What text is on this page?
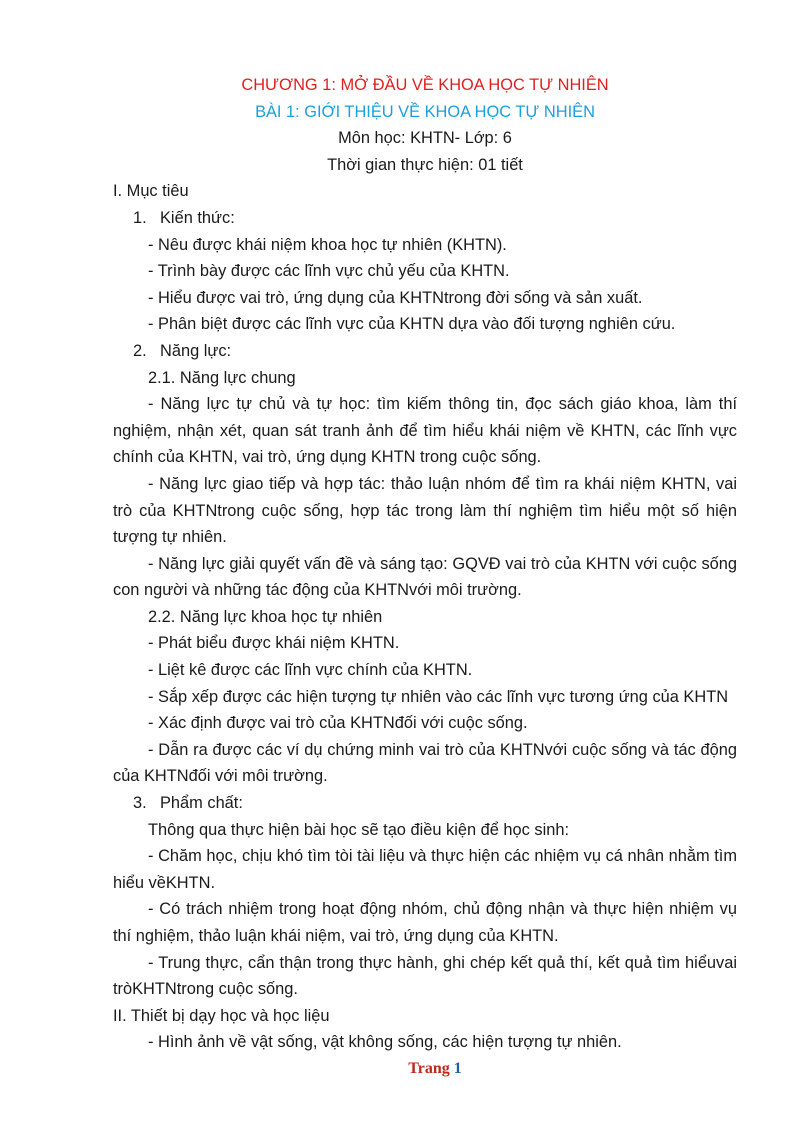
CHƯƠNG 1: MỞ ĐẦU VỀ KHOA HỌC TỰ NHIÊN
BÀI 1: GIỚI THIỆU VỀ KHOA HỌC TỰ NHIÊN
Môn học: KHTN- Lớp: 6
Thời gian thực hiện: 01 tiết
I. Mục tiêu
1. Kiến thức:
- Nêu được khái niệm khoa học tự nhiên (KHTN).
- Trình bày được các lĩnh vực chủ yếu của KHTN.
- Hiểu được vai trò, ứng dụng của KHTNtrong đời sống và sản xuất.
- Phân biệt được các lĩnh vực của KHTN dựa vào đối tượng nghiên cứu.
2. Năng lực:
2.1. Năng lực chung

- Năng lực tự chủ và tự học: tìm kiếm thông tin, đọc sách giáo khoa, làm thí nghiệm, nhận xét, quan sát tranh ảnh để tìm hiểu khái niệm về KHTN, các lĩnh vực chính của KHTN, vai trò, ứng dụng KHTN trong cuộc sống.

- Năng lực giao tiếp và hợp tác: thảo luận nhóm để tìm ra khái niệm KHTN, vai trò của KHTNtrong cuộc sống, hợp tác trong làm thí nghiệm tìm hiểu một số hiện tượng tự nhiên.

- Năng lực giải quyết vấn đề và sáng tạo: GQVĐ vai trò của KHTN với cuộc sống con người và những tác động của KHTNvới môi trường.

2.2. Năng lực khoa học tự nhiên

- Phát biểu được khái niệm KHTN.

- Liệt kê được các lĩnh vực chính của KHTN.

- Sắp xếp được các hiện tượng tự nhiên vào các lĩnh vực tương ứng của KHTN

- Xác định được vai trò của KHTNđối với cuộc sống.

- Dẫn ra được các ví dụ chứng minh vai trò của KHTNvới cuộc sống và tác động của KHTNđối với môi trường.

3. Phẩm chất:

Thông qua thực hiện bài học sẽ tạo điều kiện để học sinh:

- Chăm học, chịu khó tìm tòi tài liệu và thực hiện các nhiệm vụ cá nhân nhằm tìm hiểu vềKHTN.

- Có trách nhiệm trong hoạt động nhóm, chủ động nhận và thực hiện nhiệm vụ thí nghiệm, thảo luận khái niệm, vai trò, ứng dụng của KHTN.

- Trung thực, cẩn thận trong thực hành, ghi chép kết quả thí, kết quả tìm hiểuvai tròKHTNtrong cuộc sống.

II. Thiết bị dạy học và học liệu
- Hình ảnh về vật sống, vật không sống, các hiện tượng tự nhiên.
Trang 1
